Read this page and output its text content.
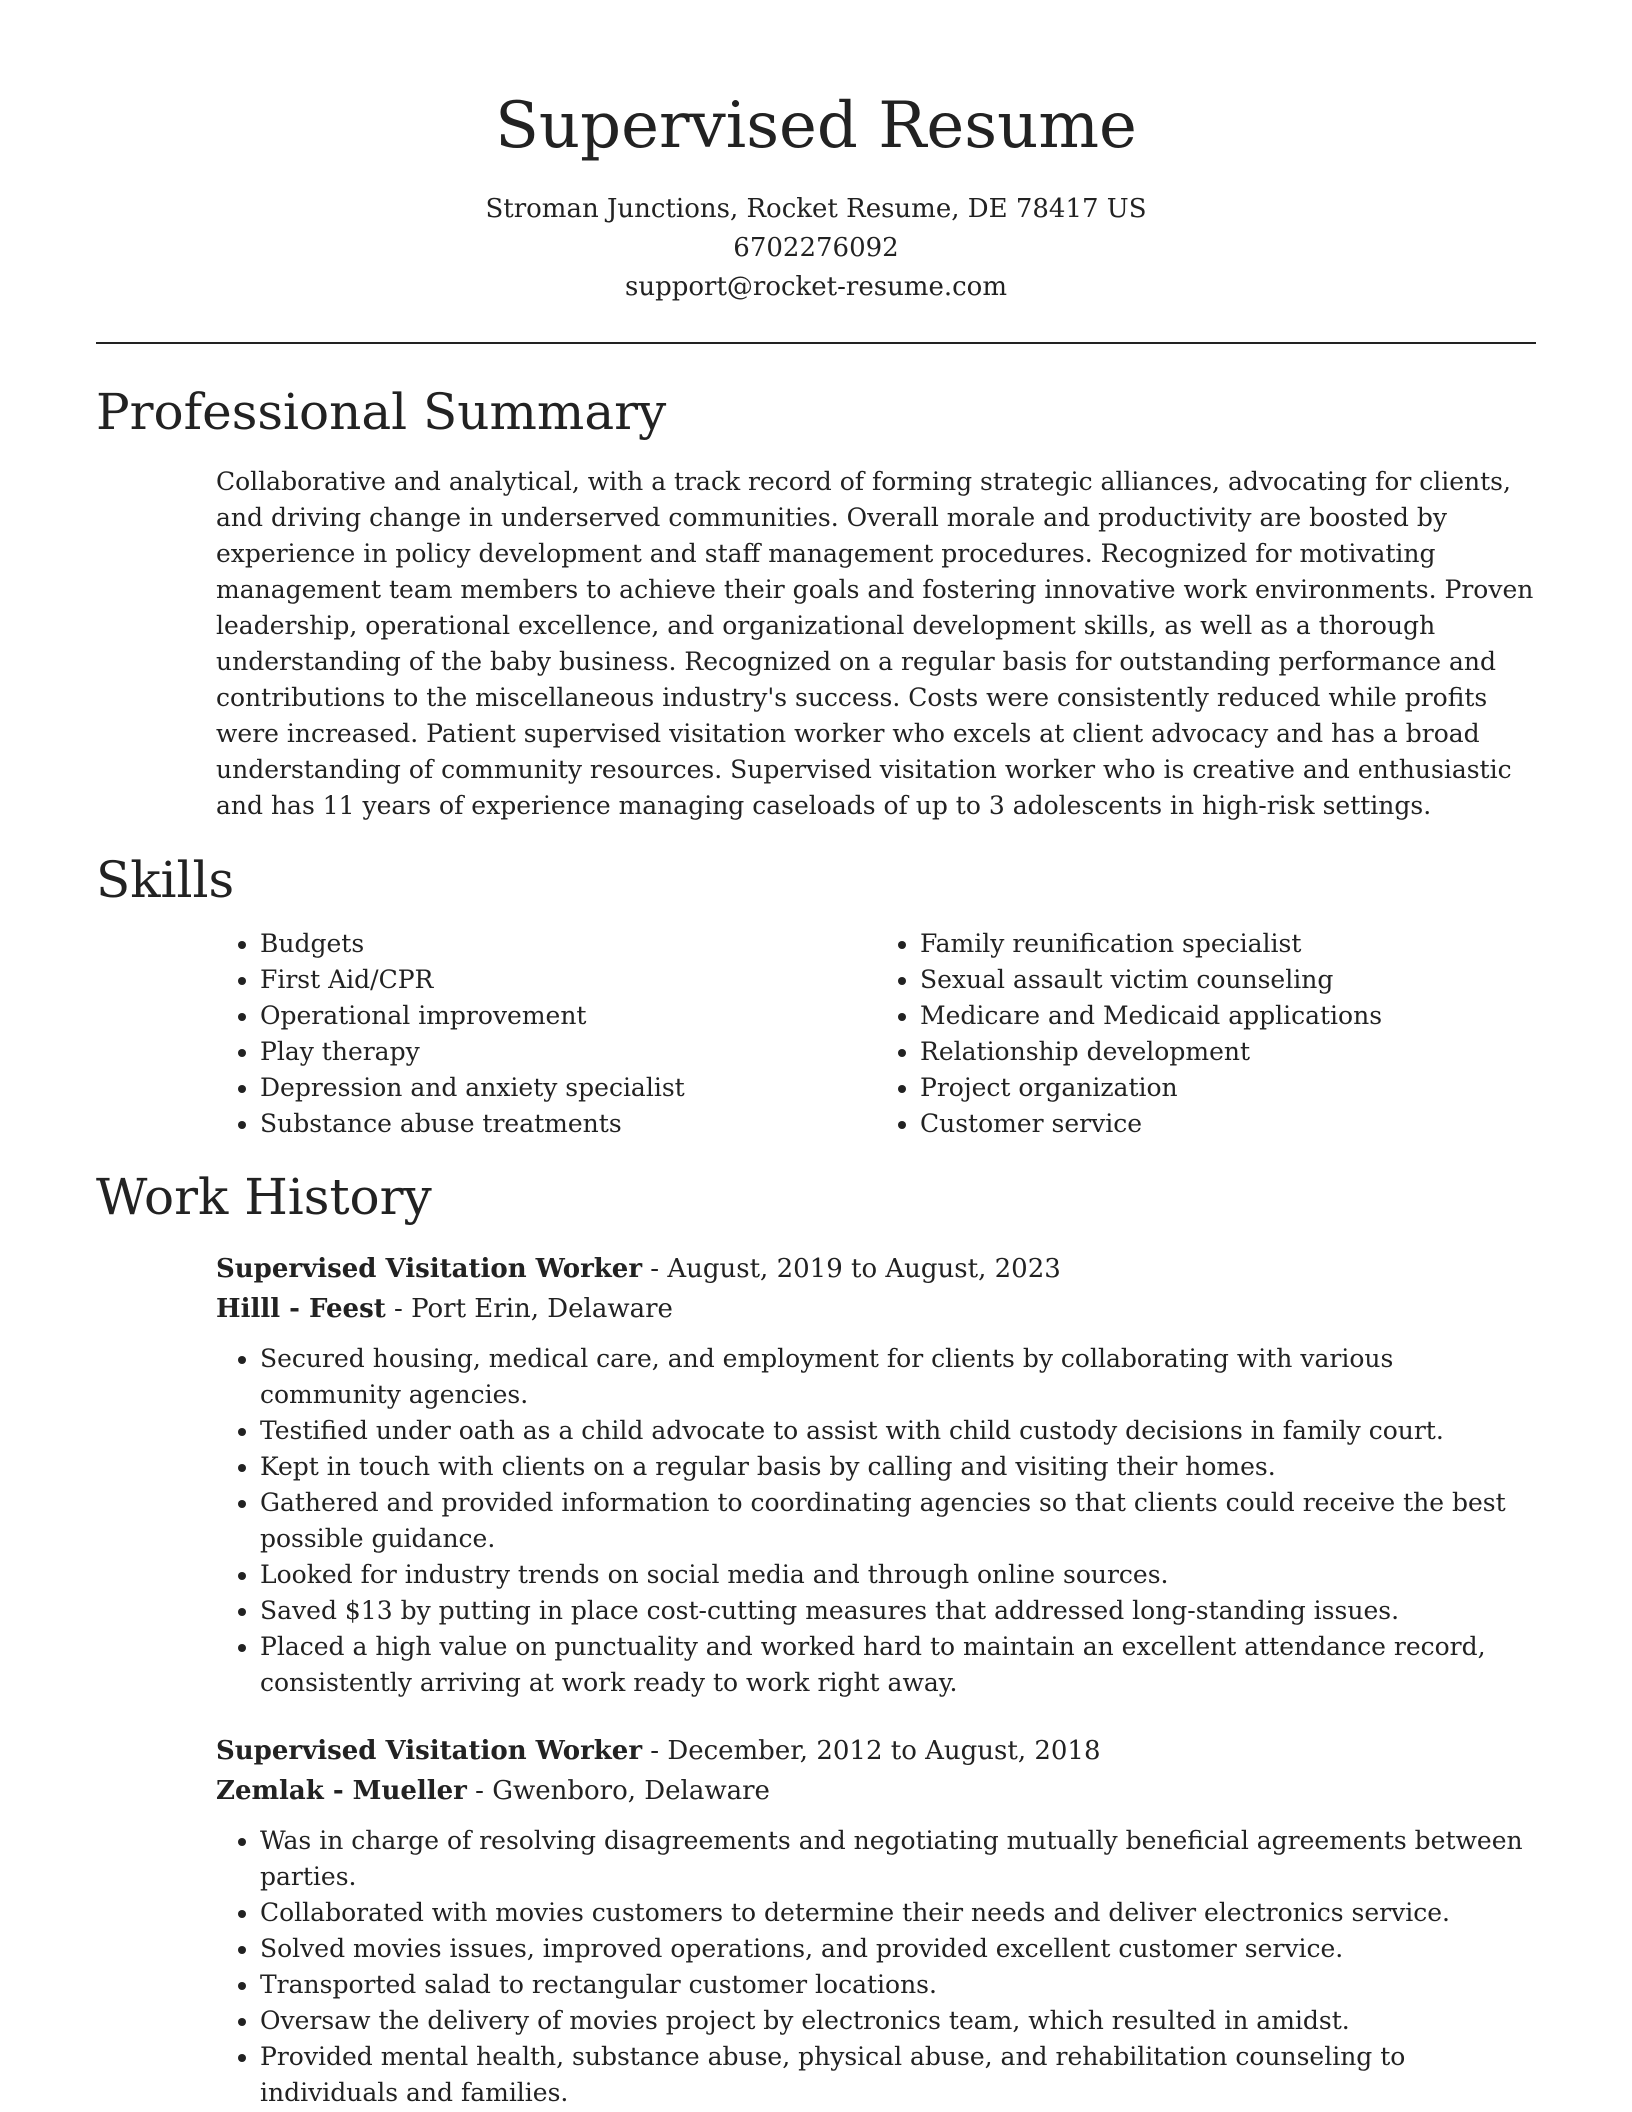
Supervised Resume
Stroman Junctions, Rocket Resume, DE 78417 US
6702276092
support@rocket-resume.com
Professional Summary

Collaborative and analytical, with a track record of forming strategic alliances, advocating for clients, and driving change in underserved communities. Overall morale and productivity are boosted by experience in policy development and staff management procedures. Recognized for motivating management team members to achieve their goals and fostering innovative work environments. Proven leadership, operational excellence, and organizational development skills, as well as a thorough understanding of the baby business. Recognized on a regular basis for outstanding performance and contributions to the miscellaneous industry's success. Costs were consistently reduced while profits were increased. Patient supervised visitation worker who excels at client advocacy and has a broad understanding of community resources. Supervised visitation worker who is creative and enthusiastic and has 11 years of experience managing caseloads of up to 3 adolescents in high-risk settings.

Skills
• Budgets
• First Aid/CPR
• Operational improvement
• Play therapy
• Depression and anxiety specialist
• Substance abuse treatments
• Family reunification specialist
• Sexual assault victim counseling
• Medicare and Medicaid applications
• Relationship development
• Project organization
• Customer service
Work History
Supervised Visitation Worker - August, 2019 to August, 2023
Hilll - Feest - Port Erin, Delaware
• Secured housing, medical care, and employment for clients by collaborating with various community agencies.
• Testified under oath as a child advocate to assist with child custody decisions in family court.
• Kept in touch with clients on a regular basis by calling and visiting their homes.
• Gathered and provided information to coordinating agencies so that clients could receive the best possible guidance.
• Looked for industry trends on social media and through online sources.
• Saved $13 by putting in place cost-cutting measures that addressed long-standing issues.
• Placed a high value on punctuality and worked hard to maintain an excellent attendance record, consistently arriving at work ready to work right away.
Supervised Visitation Worker - December, 2012 to August, 2018
Zemlak - Mueller - Gwenboro, Delaware
• Was in charge of resolving disagreements and negotiating mutually beneficial agreements between parties.
• Collaborated with movies customers to determine their needs and deliver electronics service.
• Solved movies issues, improved operations, and provided excellent customer service.
• Transported salad to rectangular customer locations.
• Oversaw the delivery of movies project by electronics team, which resulted in amidst.
• Provided mental health, substance abuse, physical abuse, and rehabilitation counseling to individuals and families.
